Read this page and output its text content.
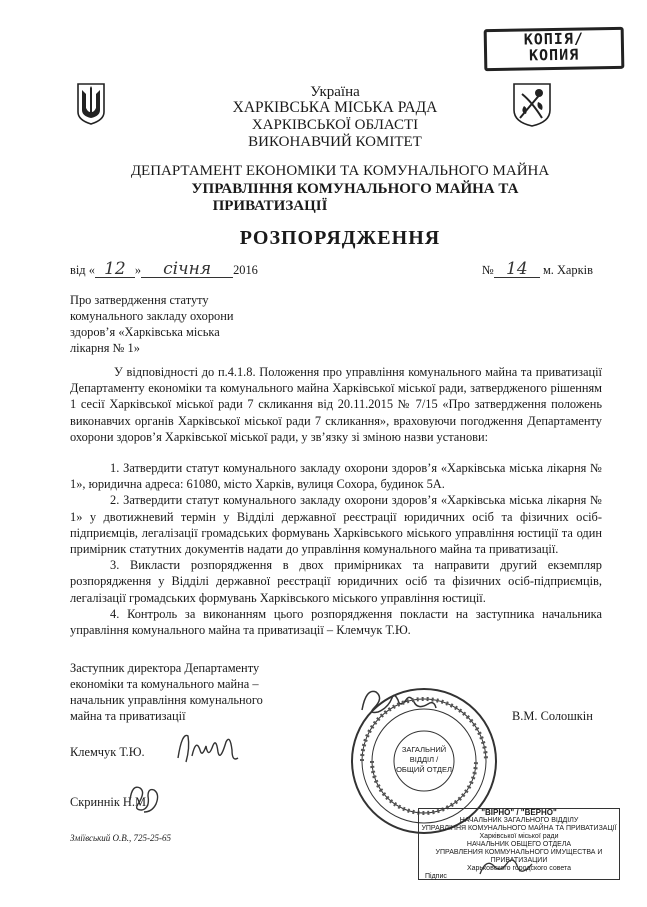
КОПІЯ/
КОПИЯ
Україна
ХАРКІВСЬКА МІСЬКА РАДА
ХАРКІВСЬКОЇ ОБЛАСТІ
ВИКОНАВЧИЙ КОМІТЕТ
ДЕПАРТАМЕНТ ЕКОНОМІКИ ТА КОМУНАЛЬНОГО МАЙНА
УПРАВЛІННЯ КОМУНАЛЬНОГО МАЙНА ТА
ПРИВАТИЗАЦІЇ
РОЗПОРЯДЖЕННЯ
від « 12 » січня 2016	№ 14 м. Харків
Про затвердження статуту
комунального закладу охорони
здоров’я «Харківська міська
лікарня № 1»
У відповідності до п.4.1.8. Положення про управління комунального майна та приватизації Департаменту економіки та комунального майна Харківської міської ради, затвердженого рішенням 1 сесії Харківської міської ради 7 скликання від 20.11.2015 № 7/15 «Про затвердження положень виконавчих органів Харківської міської ради 7 скликання», враховуючи погодження Департаменту охорони здоров’я Харківської міської ради, у зв’язку зі зміною назви установи:
1. Затвердити статут комунального закладу охорони здоров’я «Харківська міська лікарня № 1», юридична адреса: 61080, місто Харків, вулиця Сохора, будинок 5А.
2. Затвердити статут комунального закладу охорони здоров’я «Харківська міська лікарня № 1» у двотижневий термін у Відділі державної реєстрації юридичних осіб та фізичних осіб-підприємців, легалізації громадських формувань Харківського міського управління юстиції та один примірник статутних документів надати до управління комунального майна та приватизації.
3. Викласти розпорядження в двох примірниках та направити другий екземпляр розпорядження у Відділі державної реєстрації юридичних осіб та фізичних осіб-підприємців, легалізації громадських формувань Харківського міського управління юстиції.
4. Контроль за виконанням цього розпорядження покласти на заступника начальника управління комунального майна та приватизації – Клемчук Т.Ю.
Заступник директора Департаменту
економіки та комунального майна –
начальник управління комунального
майна та приватизації	В.М. Солошкін
Клемчук Т.Ю.
Скриннік Н.М.
ЗАГАЛЬНИЙ
ВІДДІЛ /
ОБЩИЙ ОТДЕЛ
"ВІРНО" / "ВЕРНО"
НАЧАЛЬНИК ЗАГАЛЬНОГО ВІДДІЛУ
УПРАВЛІННЯ КОМУНАЛЬНОГО МАЙНА ТА ПРИВАТИЗАЦІЇ
Харківської міської ради
НАЧАЛЬНИК ОБЩЕГО ОТДЕЛА
УПРАВЛЕНИЯ КОММУНАЛЬНОГО ИМУЩЕСТВА И ПРИВАТИЗАЦИИ
Харьковского городского совета
Підпис
Зміївський О.В., 725-25-65
